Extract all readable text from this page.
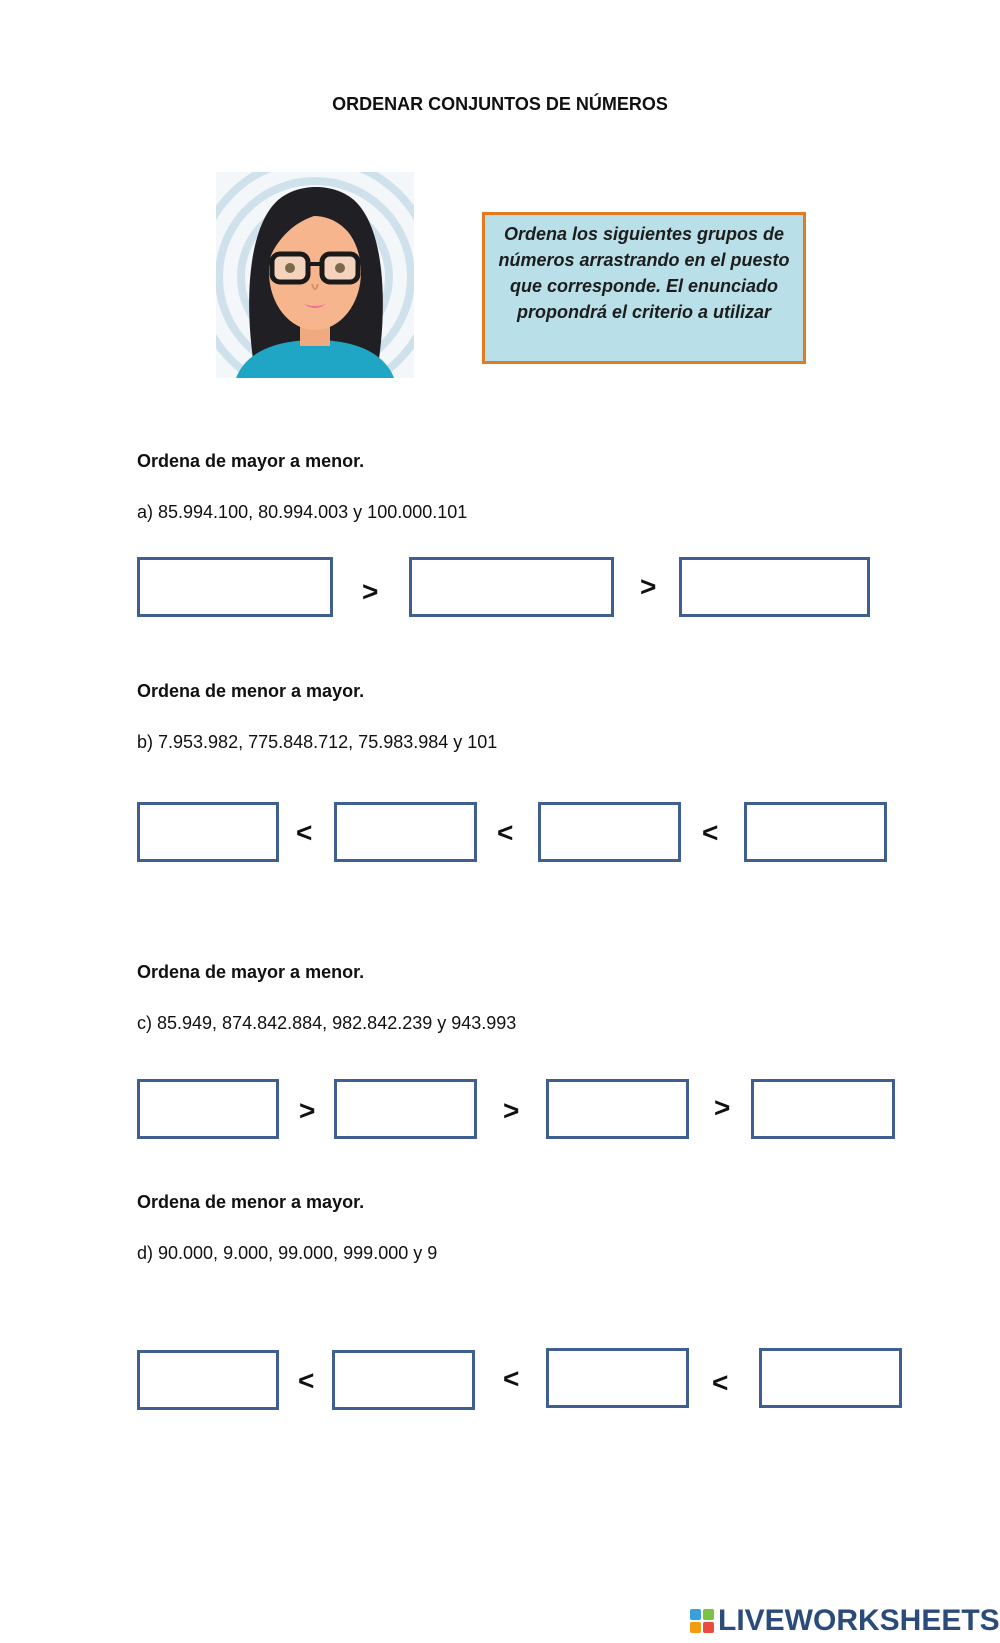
ORDENAR CONJUNTOS DE NÚMEROS
Ordena los siguientes grupos de números arrastrando en el puesto que corresponde. El enunciado propondrá el criterio a utilizar
Ordena de mayor a menor.
a) 85.994.100, 80.994.003 y 100.000.101
>	>
Ordena de menor a mayor.
b) 7.953.982, 775.848.712, 75.983.984 y 101
<	<	<
Ordena de mayor a menor.
c) 85.949, 874.842.884, 982.842.239 y 943.993
>	>	>
Ordena de menor a mayor.
d) 90.000, 9.000, 99.000, 999.000 y 9
<	<	<
LIVEWORKSHEETS
